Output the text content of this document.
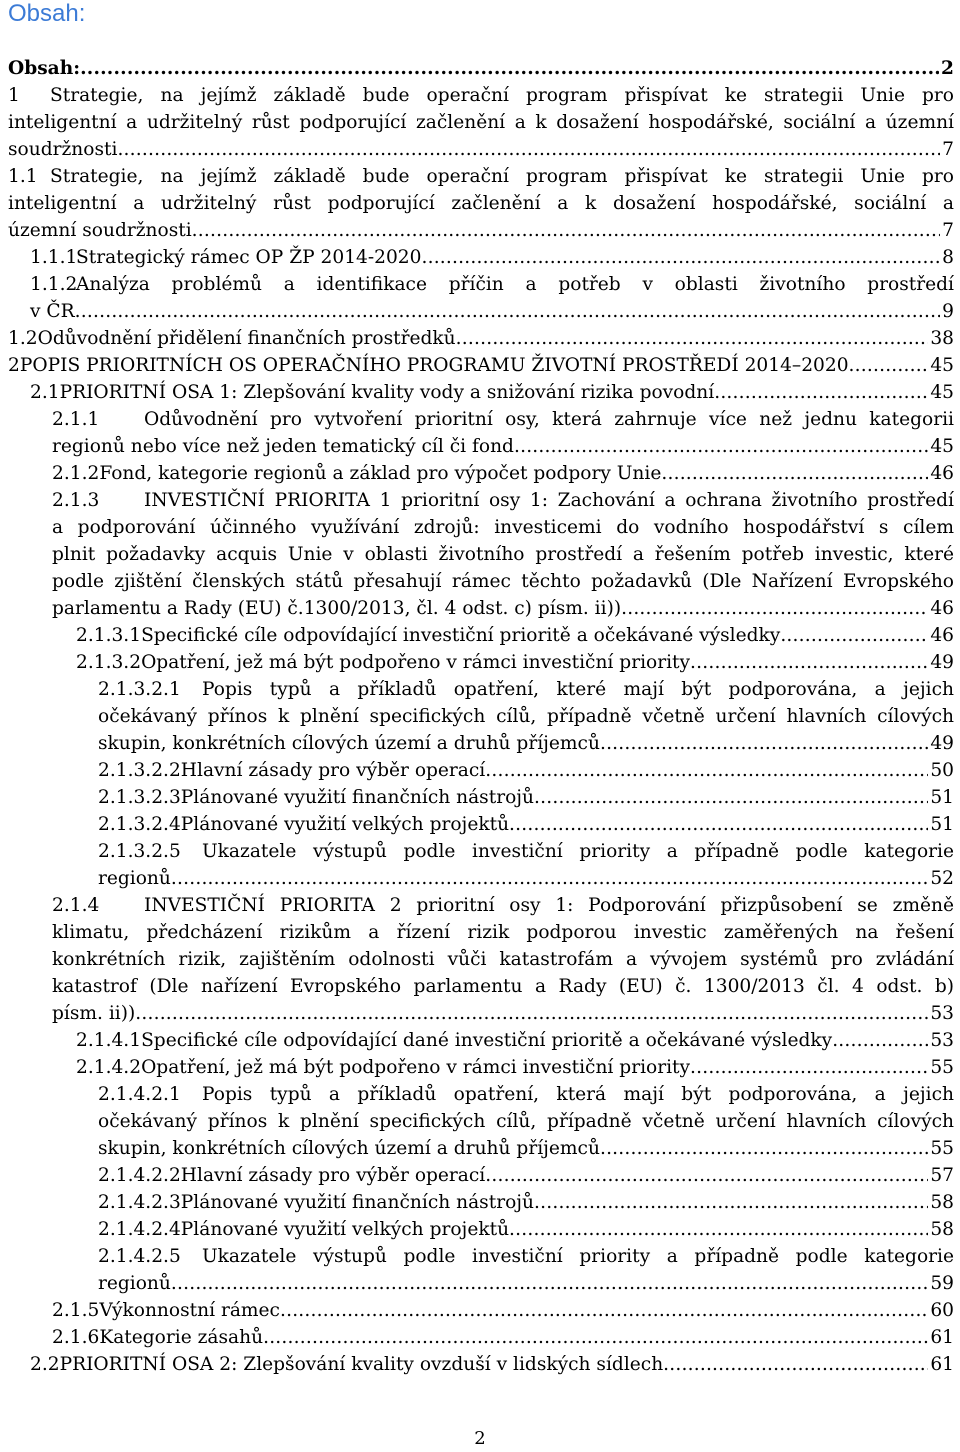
Obsah:
Obsah: .....	2
1 Strategie, na jejímž základě bude operační program přispívat ke strategii Unie pro
inteligentní a udržitelný růst podporující začlenění a k dosažení hospodářské, sociální a územní
soudržnosti .....	7
1.1 Strategie, na jejímž základě bude operační program přispívat ke strategii Unie pro
inteligentní a udržitelný růst podporující začlenění a k dosažení hospodářské, sociální a
územní soudržnosti .....	7
1.1.1
Strategický rámec OP ŽP 2014-2020 .....	8
1.1.2Analýza problémů a identifikace příčin a potřeb v oblasti životního prostředí
v ČR .....	9
1.2 Odůvodnění přidělení finančních prostředků .....	38
2 POPIS PRIORITNÍCH OS OPERAČNÍHO PROGRAMU ŽIVOTNÍ PROSTŘEDÍ 2014–2020 .....	45
2.1 PRIORITNÍ OSA 1: Zlepšování kvality vody a snižování rizika povodní .....	45
2.1.1 Odůvodnění pro vytvoření prioritní osy, která zahrnuje více než jednu kategorii
regionů nebo více než jeden tematický cíl či fond .....	45
2.1.2 Fond, kategorie regionů a základ pro výpočet podpory Unie .....	46
2.1.3 INVESTIČNÍ PRIORITA 1 prioritní osy 1: Zachování a ochrana životního prostředí
a podporování účinného využívání zdrojů: investicemi do vodního hospodářství s cílem
plnit požadavky acquis Unie v oblasti životního prostředí a řešením potřeb investic, které
podle zjištění členských států přesahují rámec těchto požadavků (Dle Nařízení Evropského
parlamentu a Rady (EU) č.1300/2013, čl. 4 odst. c) písm. ii)) .....	46
2.1.3.1 Specifické cíle odpovídající investiční prioritě a očekávané výsledky .....	46
2.1.3.2 Opatření, jež má být podpořeno v rámci investiční priority .....	49
2.1.3.2.1 Popis typů a příkladů opatření, které mají být podporována, a jejich
očekávaný přínos k plnění specifických cílů, případně včetně určení hlavních cílových
skupin, konkrétních cílových území a druhů příjemců .....	49
2.1.3.2.2 Hlavní zásady pro výběr operací .....	50
2.1.3.2.3 Plánované využití finančních nástrojů .....	51
2.1.3.2.4 Plánované využití velkých projektů .....	51
2.1.3.2.5 Ukazatele výstupů podle investiční priority a případně podle kategorie
regionů .....	52
2.1.4 INVESTIČNÍ PRIORITA 2 prioritní osy 1: Podporování přizpůsobení se změně
klimatu, předcházení rizikům a řízení rizik podporou investic zaměřených na řešení
konkrétních rizik, zajištěním odolnosti vůči katastrofám a vývojem systémů pro zvládání
katastrof (Dle nařízení Evropského parlamentu a Rady (EU) č. 1300/2013 čl. 4 odst. b)
písm. ii)) .....	53
2.1.4.1 Specifické cíle odpovídající dané investiční prioritě a očekávané výsledky .....	53
2.1.4.2 Opatření, jež má být podpořeno v rámci investiční priority .....	55
2.1.4.2.1 Popis typů a příkladů opatření, která mají být podporována, a jejich
očekávaný přínos k plnění specifických cílů, případně včetně určení hlavních cílových
skupin, konkrétních cílových území a druhů příjemců .....	55
2.1.4.2.2 Hlavní zásady pro výběr operací .....	57
2.1.4.2.3 Plánované využití finančních nástrojů .....	58
2.1.4.2.4 Plánované využití velkých projektů .....	58
2.1.4.2.5 Ukazatele výstupů podle investiční priority a případně podle kategorie
regionů .....	59
2.1.5 Výkonnostní rámec .....	60
2.1.6 Kategorie zásahů .....	61
2.2 PRIORITNÍ OSA 2: Zlepšování kvality ovzduší v lidských sídlech .....	61
2
